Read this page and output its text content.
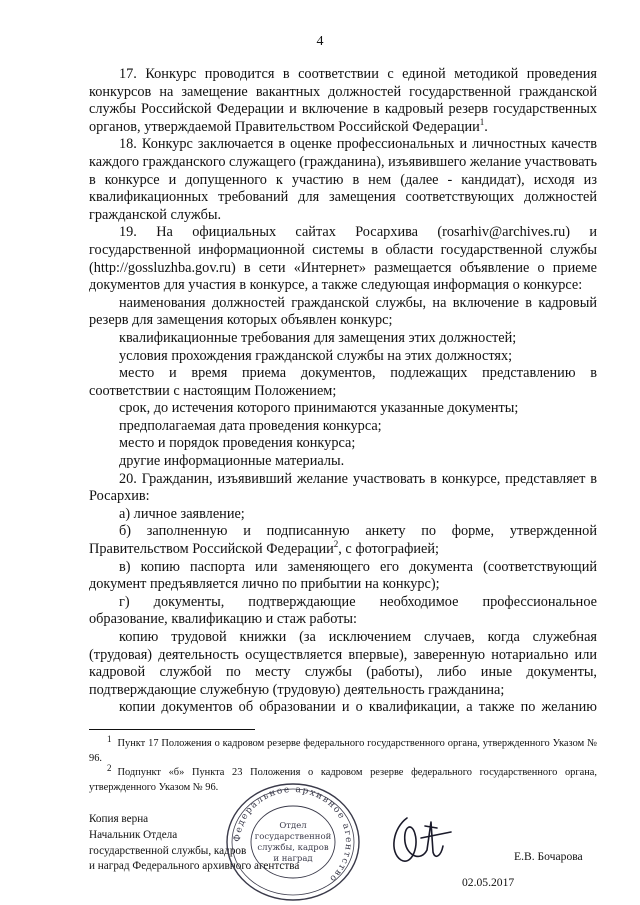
4

17. Конкурс проводится в соответствии с единой методикой проведения конкурсов на замещение вакантных должностей государственной гражданской службы Российской Федерации и включение в кадровый резерв государственных органов, утверждаемой Правительством Российской Федерации$^1$.

18. Конкурс заключается в оценке профессиональных и личностных качеств каждого гражданского служащего (гражданина), изъявившего желание участвовать в конкурсе и допущенного к участию в нем (далее - кандидат), исходя из квалификационных требований для замещения соответствующих должностей гражданской службы.

19. На официальных сайтах Росархива (rosarhiv@archives.ru) и государственной информационной системы в области государственной службы (http://gossluzhba.gov.ru) в сети «Интернет» размещается объявление о приеме документов для участия в конкурсе, а также следующая информация о конкурсе:

наименования должностей гражданской службы, на включение в кадровый резерв для замещения которых объявлен конкурс;

квалификационные требования для замещения этих должностей;

условия прохождения гражданской службы на этих должностях;

место и время приема документов, подлежащих представлению в соответствии с настоящим Положением;

срок, до истечения которого принимаются указанные документы;

предполагаемая дата проведения конкурса;

место и порядок проведения конкурса;

другие информационные материалы.

20. Гражданин, изъявивший желание участвовать в конкурсе, представляет в Росархив:

а) личное заявление;

б) заполненную и подписанную анкету по форме, утвержденной Правительством Российской Федерации$^2$, с фотографией;

в) копию паспорта или заменяющего его документа (соответствующий документ предъявляется лично по прибытии на конкурс);

г) документы, подтверждающие необходимое профессиональное образование, квалификацию и стаж работы:

копию трудовой книжки (за исключением случаев, когда служебная (трудовая) деятельность осуществляется впервые), заверенную нотариально или кадровой службой по месту службы (работы), либо иные документы, подтверждающие служебную (трудовую) деятельность гражданина;

копии документов об образовании и о квалификации, а также по желанию

1 Пункт 17 Положения о кадровом резерве федерального государственного органа, утвержденного Указом № 96.

2 Подпункт «б» Пункта 23 Положения о кадровом резерве федерального государственного органа, утвержденного Указом № 96.

Копия верна
Начальник Отдела
государственной службы, кадров
и наград Федерального архивного агентства
Федеральное архивное агентство
Отдел
государственной
службы, кадров
и наград	Е.В. Бочарова
02.05.2017
